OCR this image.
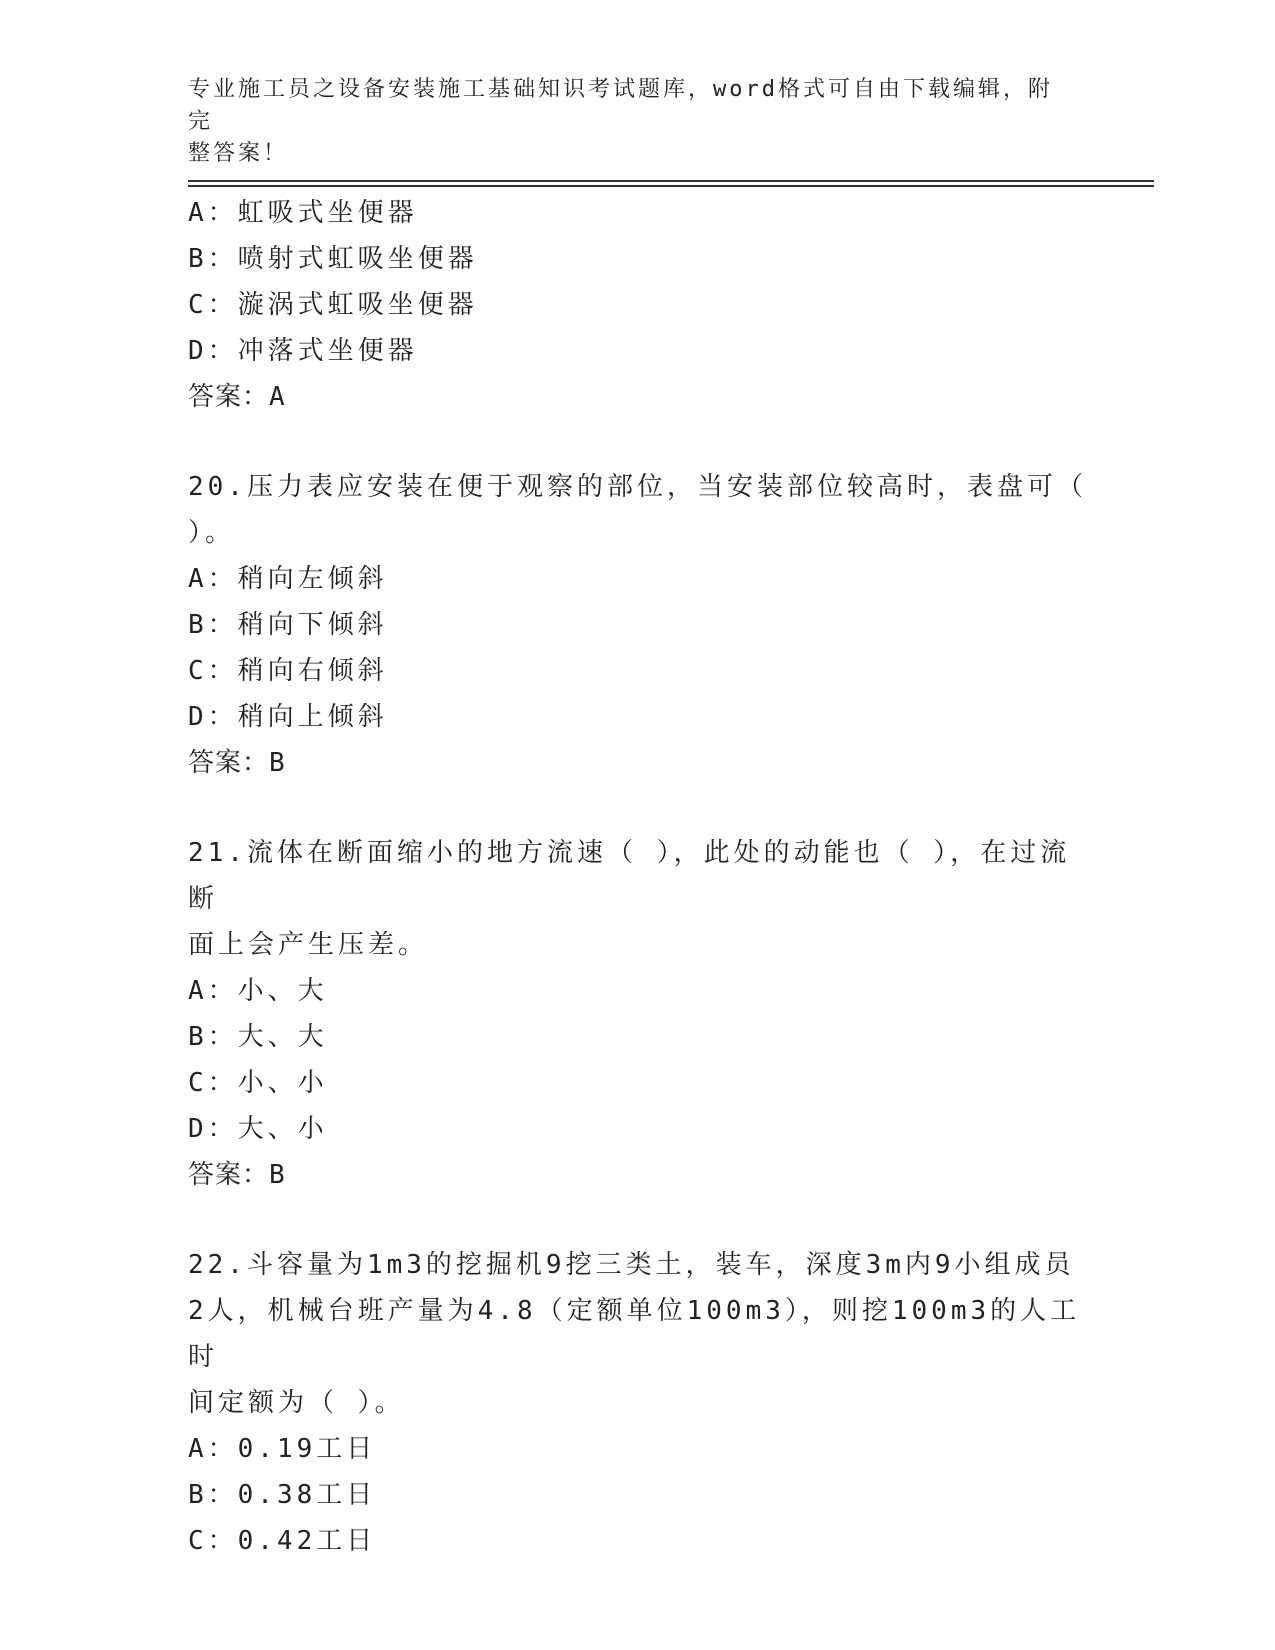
专业施工员之设备安装施工基础知识考试题库，word格式可自由下载编辑，附完
整答案！
A：虹吸式坐便器
B：喷射式虹吸坐便器
C：漩涡式虹吸坐便器
D：冲落式坐便器
答案：A
20.压力表应安装在便于观察的部位，当安装部位较高时，表盘可（
）。
A：稍向左倾斜
B：稍向下倾斜
C：稍向右倾斜
D：稍向上倾斜
答案：B
21.流体在断面缩小的地方流速（ ），此处的动能也（ ），在过流断
面上会产生压差。
A：小、大
B：大、大
C：小、小
D：大、小
答案：B
22.斗容量为1m3的挖掘机9挖三类土，装车，深度3m内9小组成员
2人，机械台班产量为4.8（定额单位100m3），则挖100m3的人工时
间定额为（ ）。
A：0.19工日
B：0.38工日
C：0.42工日
